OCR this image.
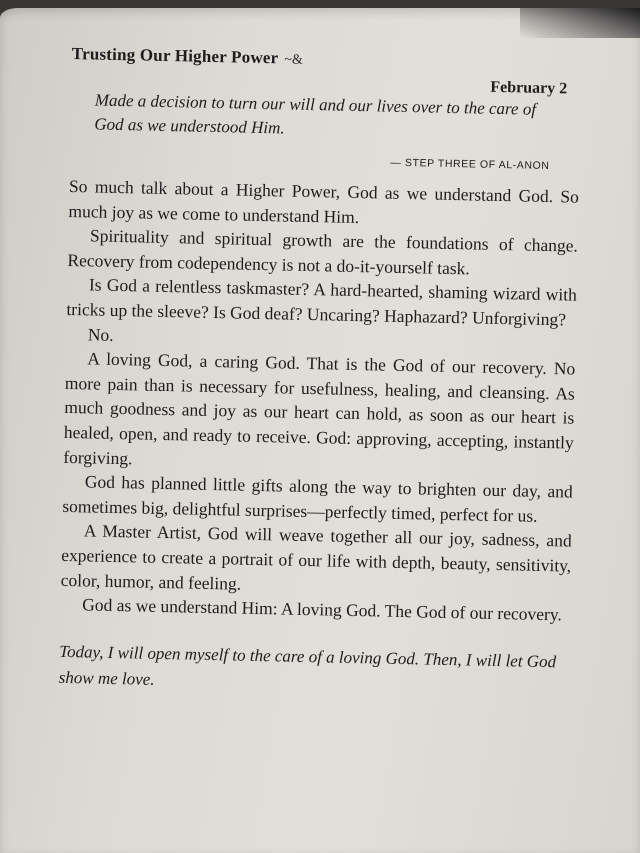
Trusting Our Higher Power ~&
February 2
Made a decision to turn our will and our lives over to the care of God as we understood Him.
— STEP THREE OF AL-ANON

So much talk about a Higher Power, God as we understand God. So much joy as we come to understand Him.

Spirituality and spiritual growth are the foundations of change. Recovery from codependency is not a do-it-yourself task.

Is God a relentless taskmaster? A hard-hearted, shaming wizard with tricks up the sleeve? Is God deaf? Uncaring? Haphazard? Unforgiving?

No.

A loving God, a caring God. That is the God of our recovery. No more pain than is necessary for usefulness, healing, and cleansing. As much goodness and joy as our heart can hold, as soon as our heart is healed, open, and ready to receive. God: approving, accepting, instantly forgiving.

God has planned little gifts along the way to brighten our day, and sometimes big, delightful surprises—perfectly timed, perfect for us.

A Master Artist, God will weave together all our joy, sadness, and experience to create a portrait of our life with depth, beauty, sensitivity, color, humor, and feeling.

God as we understand Him: A loving God. The God of our recovery.

Today, I will open myself to the care of a loving God. Then, I will let God show me love.
